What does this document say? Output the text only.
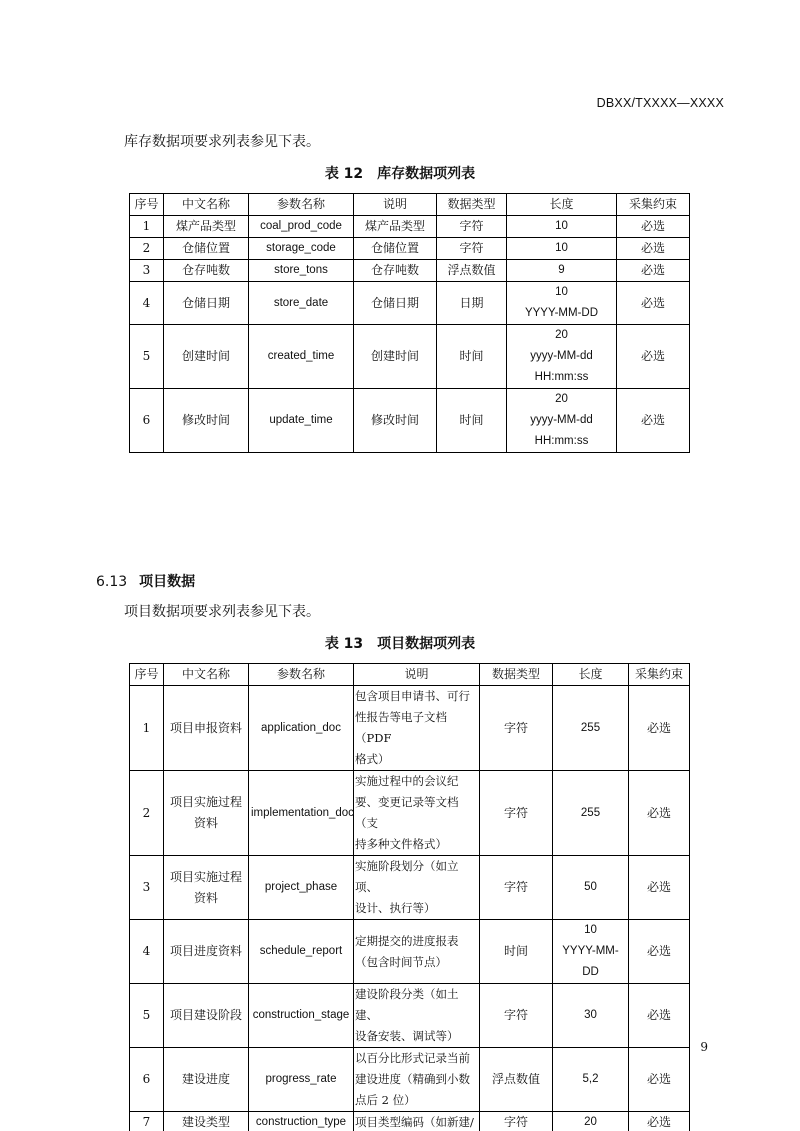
DBXX/TXXXX—XXXX
库存数据项要求列表参见下表。
表 12　库存数据项列表
序号	中文名称	参数名称	说明	数据类型	长度	采集约束
1	煤产品类型	coal_prod_code	煤产品类型	字符	10	必选
2	仓储位置	storage_code	仓储位置	字符	10	必选
3	仓存吨数	store_tons	仓存吨数	浮点数值	9	必选
4	仓储日期	store_date	仓储日期	日期	10
YYYY-MM-DD	必选
5	创建时间	created_time	创建时间	时间	20
yyyy-MM-dd
HH:mm:ss	必选
6	修改时间	update_time	修改时间	时间	20
yyyy-MM-dd
HH:mm:ss	必选
6.13 项目数据
项目数据项要求列表参见下表。
表 13　项目数据项列表
序号	中文名称	参数名称	说明	数据类型	长度	采集约束
1	项目申报资料	application_doc	包含项目申请书、可行
性报告等电子文档（PDF
格式）	字符	255	必选
2	项目实施过程
资料	implementation_doc	实施过程中的会议纪
要、变更记录等文档（支
持多种文件格式）	字符	255	必选
3	项目实施过程
资料	project_phase	实施阶段划分（如立项、
设计、执行等）	字符	50	必选
4	项目进度资料	schedule_report	定期提交的进度报表
（包含时间节点）	时间	10
YYYY-MM-DD	必选
5	项目建设阶段	construction_stage	建设阶段分类（如土建、
设备安装、调试等）	字符	30	必选
6	建设进度	progress_rate	以百分比形式记录当前
建设进度（精确到小数
点后 2 位）	浮点数值	5,2	必选
7	建设类型	construction_type	项目类型编码（如新建/	字符	20	必选
9
